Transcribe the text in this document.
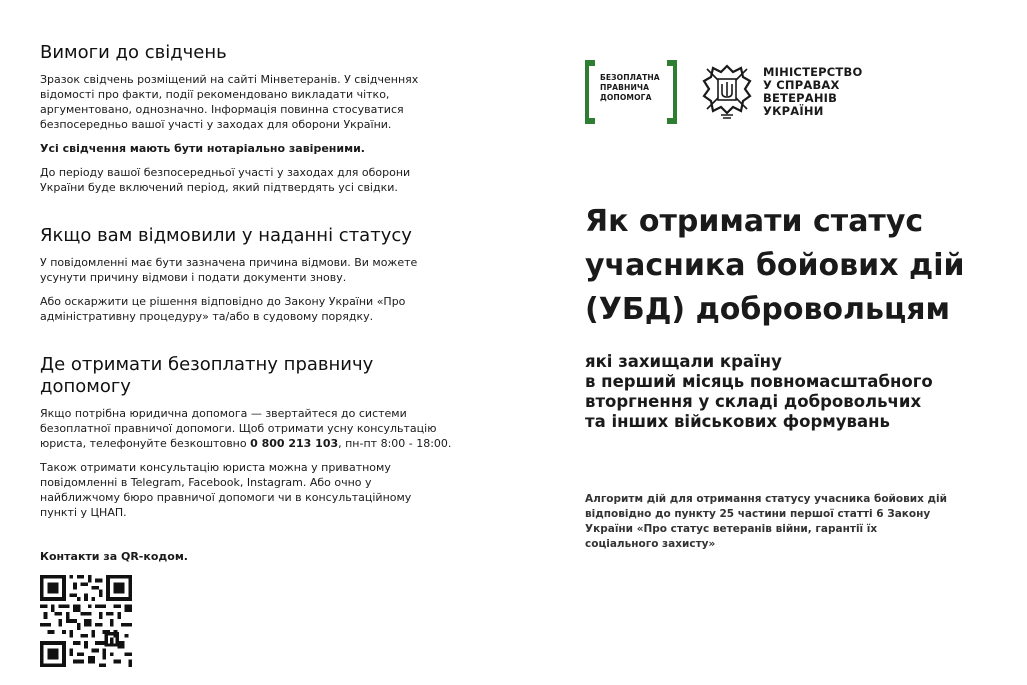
Вимоги до свідчень

Зразок свідчень розміщений на сайті Мінветеранів. У свідченнях
відомості про факти, події рекомендовано викладати чітко,
аргументовано, однозначно. Інформація повинна стосуватися
безпосередньо вашої участі у заходах для оборони України.

Усі свідчення мають бути нотаріально завіреними.

До періоду вашої безпосередньої участі у заходах для оборони
України буде включений період, який підтвердять усі свідки.

Якщо вам відмовили у наданні статусу

У повідомленні має бути зазначена причина відмови. Ви можете
усунути причину відмови і подати документи знову.

Або оскаржити це рішення відповідно до Закону України «Про
адміністративну процедуру» та/або в судовому порядку.

Де отримати безоплатну правничу
допомогу

Якщо потрібна юридична допомога — звертайтеся до системи
безоплатної правничої допомоги. Щоб отримати усну консультацію
юриста, телефонуйте безкоштовно 0 800 213 103, пн-пт 8:00 - 18:00.

Також отримати консультацію юриста можна у приватному
повідомленні в Telegram, Facebook, Instagram. Або очно у
найближчому бюро правничої допомоги чи в консультаційному
пункті у ЦНАП.

Контакти за QR-кодом.
БЕЗОПЛАТНА
ПРАВНИЧА
ДОПОМОГА
МІНІСТЕРСТВО
У СПРАВАХ
ВЕТЕРАНІВ
УКРАЇНИ
Як отримати статус
учасника бойових дій
(УБД) добровольцям
які захищали країну
в перший місяць повномасштабного
вторгнення у складі добровольчих
та інших військових формувань
Алгоритм дій для отримання статусу учасника бойових дій
відповідно до пункту 25 частини першої статті 6 Закону
України «Про статус ветеранів війни, гарантії їх
соціального захисту»
